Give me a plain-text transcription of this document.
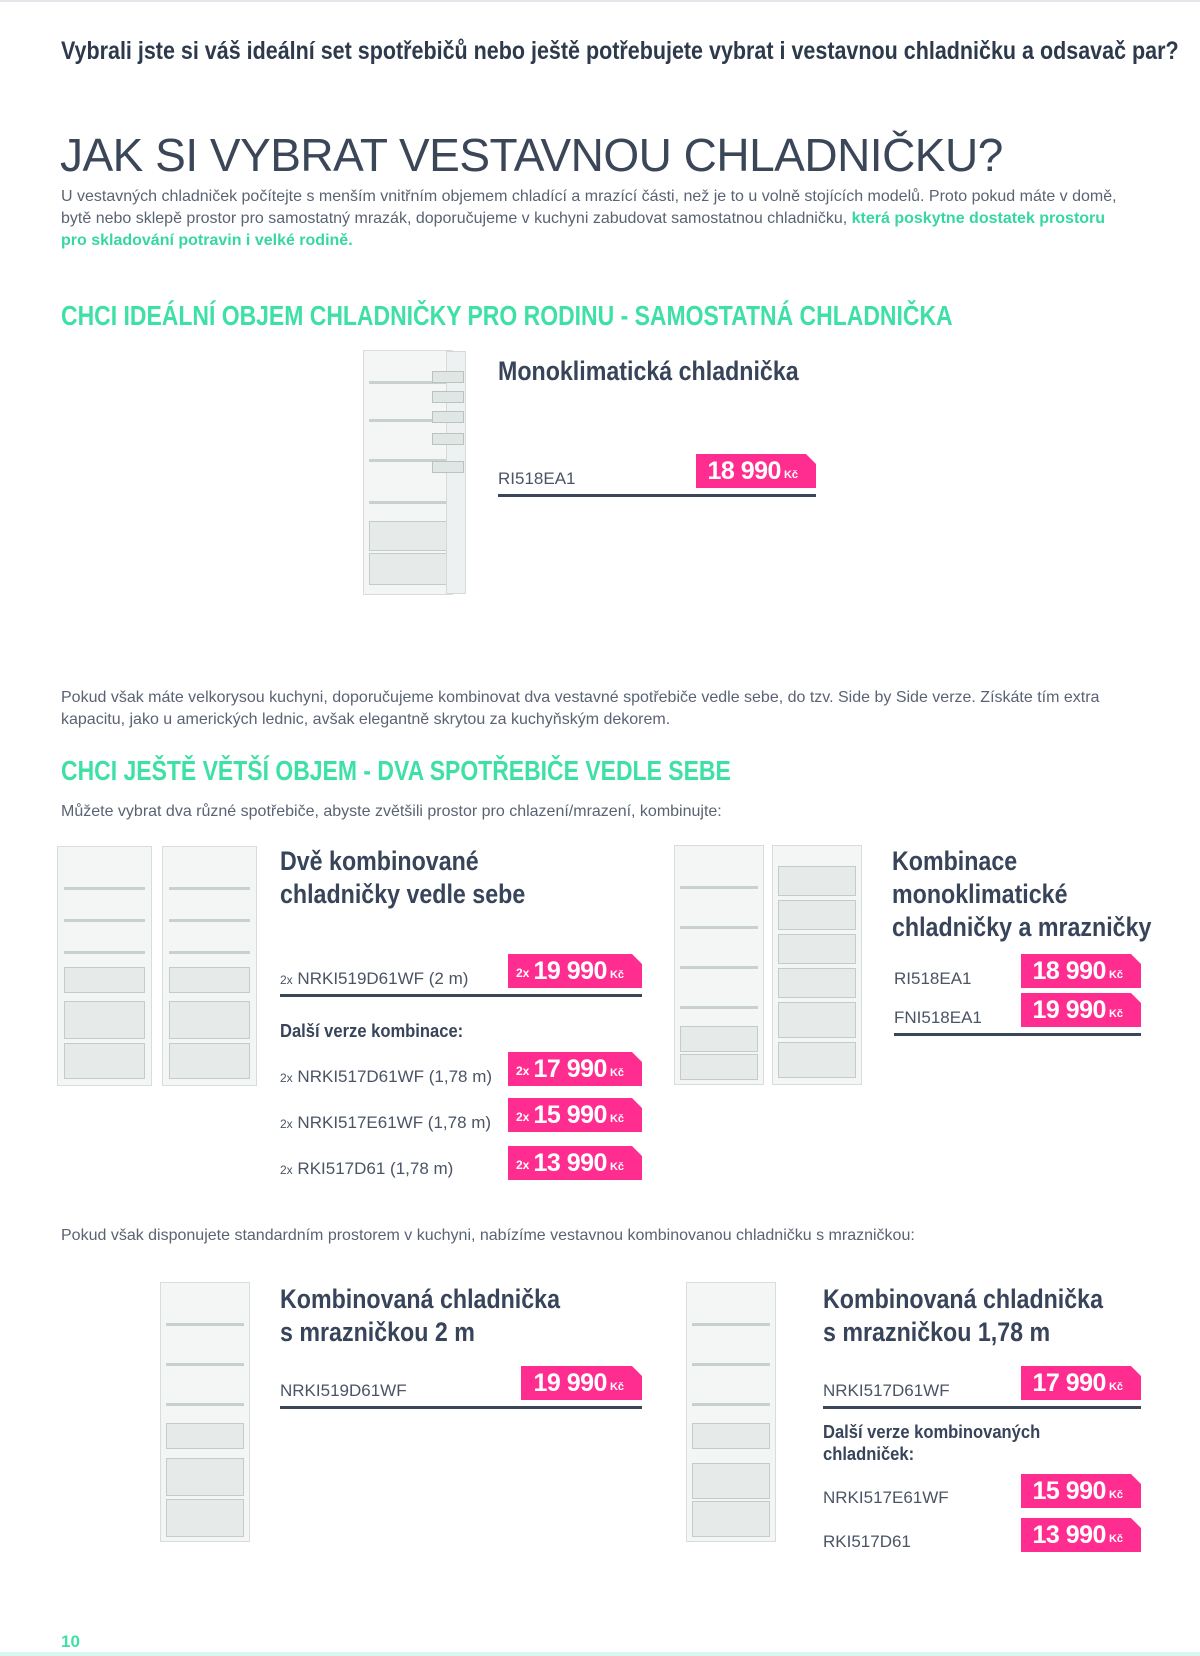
Vybrali jste si váš ideální set spotřebičů nebo ještě potřebujete vybrat i vestavnou chladničku a odsavač par?
JAK SI VYBRAT VESTAVNOU CHLADNIČKU?
U vestavných chladniček počítejte s menším vnitřním objemem chladící a mrazící části, než je to u volně stojících modelů. Proto pokud máte v domě, bytě nebo sklepě prostor pro samostatný mrazák, doporučujeme v kuchyni zabudovat samostatnou chladničku, která poskytne dostatek prostoru pro skladování potravin i velké rodině.
CHCI IDEÁLNÍ OBJEM CHLADNIČKY PRO RODINU - SAMOSTATNÁ CHLADNIČKA
Monoklimatická chladnička
RI518EA1	18 990 Kč
Pokud však máte velkorysou kuchyni, doporučujeme kombinovat dva vestavné spotřebiče vedle sebe, do tzv. Side by Side verze. Získáte tím extra kapacitu, jako u amerických lednic, avšak elegantně skrytou za kuchyňským dekorem.
CHCI JEŠTĚ VĚTŠÍ OBJEM - DVA SPOTŘEBIČE VEDLE SEBE
Můžete vybrat dva různé spotřebiče, abyste zvětšili prostor pro chlazení/mrazení, kombinujte:
Dvě kombinované
chladničky vedle sebe
2x NRKI519D61WF (2 m)	2x 19 990 Kč
Další verze kombinace:
2x NRKI517D61WF (1,78 m) 2x 17 990 Kč
2x NRKI517E61WF (1,78 m) 2x 15 990 Kč
2x RKI517D61 (1,78 m)	2x 13 990 Kč
Kombinace
monoklimatické
chladničky a mrazničky
RI518EA1 18 990 Kč
FNI518EA1 19 990 Kč
Pokud však disponujete standardním prostorem v kuchyni, nabízíme vestavnou kombinovanou chladničku s mrazničkou:
Kombinovaná chladnička
s mrazničkou 2 m
NRKI519D61WF	19 990 Kč
Kombinovaná chladnička
s mrazničkou 1,78 m
NRKI517D61WF	17 990 Kč
Další verze kombinovaných
chladniček:
NRKI517E61WF	15 990 Kč
RKI517D61	13 990 Kč
10
